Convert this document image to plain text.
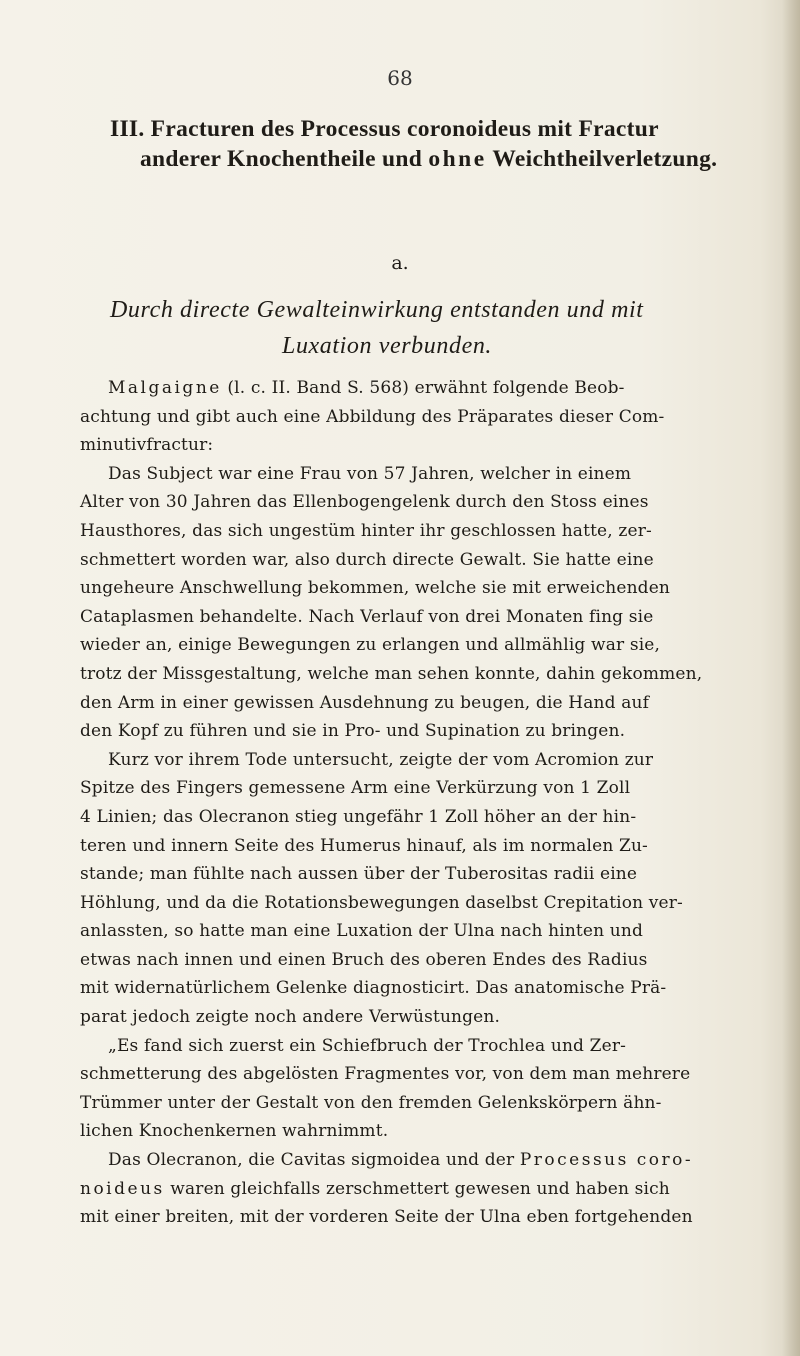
68
III. Fracturen des Processus coronoideus mit Fractur
anderer Knochentheile und ohne Weichtheilverletzung.
a.
Durch directe Gewalteinwirkung entstanden und mit
Luxation verbunden.
Malgaigne (l. c. II. Band S. 568) erwähnt folgende Beob-
achtung und gibt auch eine Abbildung des Präparates dieser Com-
minutivfractur:
Das Subject war eine Frau von 57 Jahren, welcher in einem
Alter von 30 Jahren das Ellenbogengelenk durch den Stoss eines
Hausthores, das sich ungestüm hinter ihr geschlossen hatte, zer-
schmettert worden war, also durch directe Gewalt. Sie hatte eine
ungeheure Anschwellung bekommen, welche sie mit erweichenden
Cataplasmen behandelte. Nach Verlauf von drei Monaten fing sie
wieder an, einige Bewegungen zu erlangen und allmählig war sie,
trotz der Missgestaltung, welche man sehen konnte, dahin gekommen,
den Arm in einer gewissen Ausdehnung zu beugen, die Hand auf
den Kopf zu führen und sie in Pro- und Supination zu bringen.
Kurz vor ihrem Tode untersucht, zeigte der vom Acromion zur
Spitze des Fingers gemessene Arm eine Verkürzung von 1 Zoll
4 Linien; das Olecranon stieg ungefähr 1 Zoll höher an der hin-
teren und innern Seite des Humerus hinauf, als im normalen Zu-
stande; man fühlte nach aussen über der Tuberositas radii eine
Höhlung, und da die Rotationsbewegungen daselbst Crepitation ver-
anlassten, so hatte man eine Luxation der Ulna nach hinten und
etwas nach innen und einen Bruch des oberen Endes des Radius
mit widernatürlichem Gelenke diagnosticirt. Das anatomische Prä-
parat jedoch zeigte noch andere Verwüstungen.
„Es fand sich zuerst ein Schiefbruch der Trochlea und Zer-
schmetterung des abgelösten Fragmentes vor, von dem man mehrere
Trümmer unter der Gestalt von den fremden Gelenkskörpern ähn-
lichen Knochenkernen wahrnimmt.
Das Olecranon, die Cavitas sigmoidea und der Processus coro-
noideus waren gleichfalls zerschmettert gewesen und haben sich
mit einer breiten, mit der vorderen Seite der Ulna eben fortgehenden
